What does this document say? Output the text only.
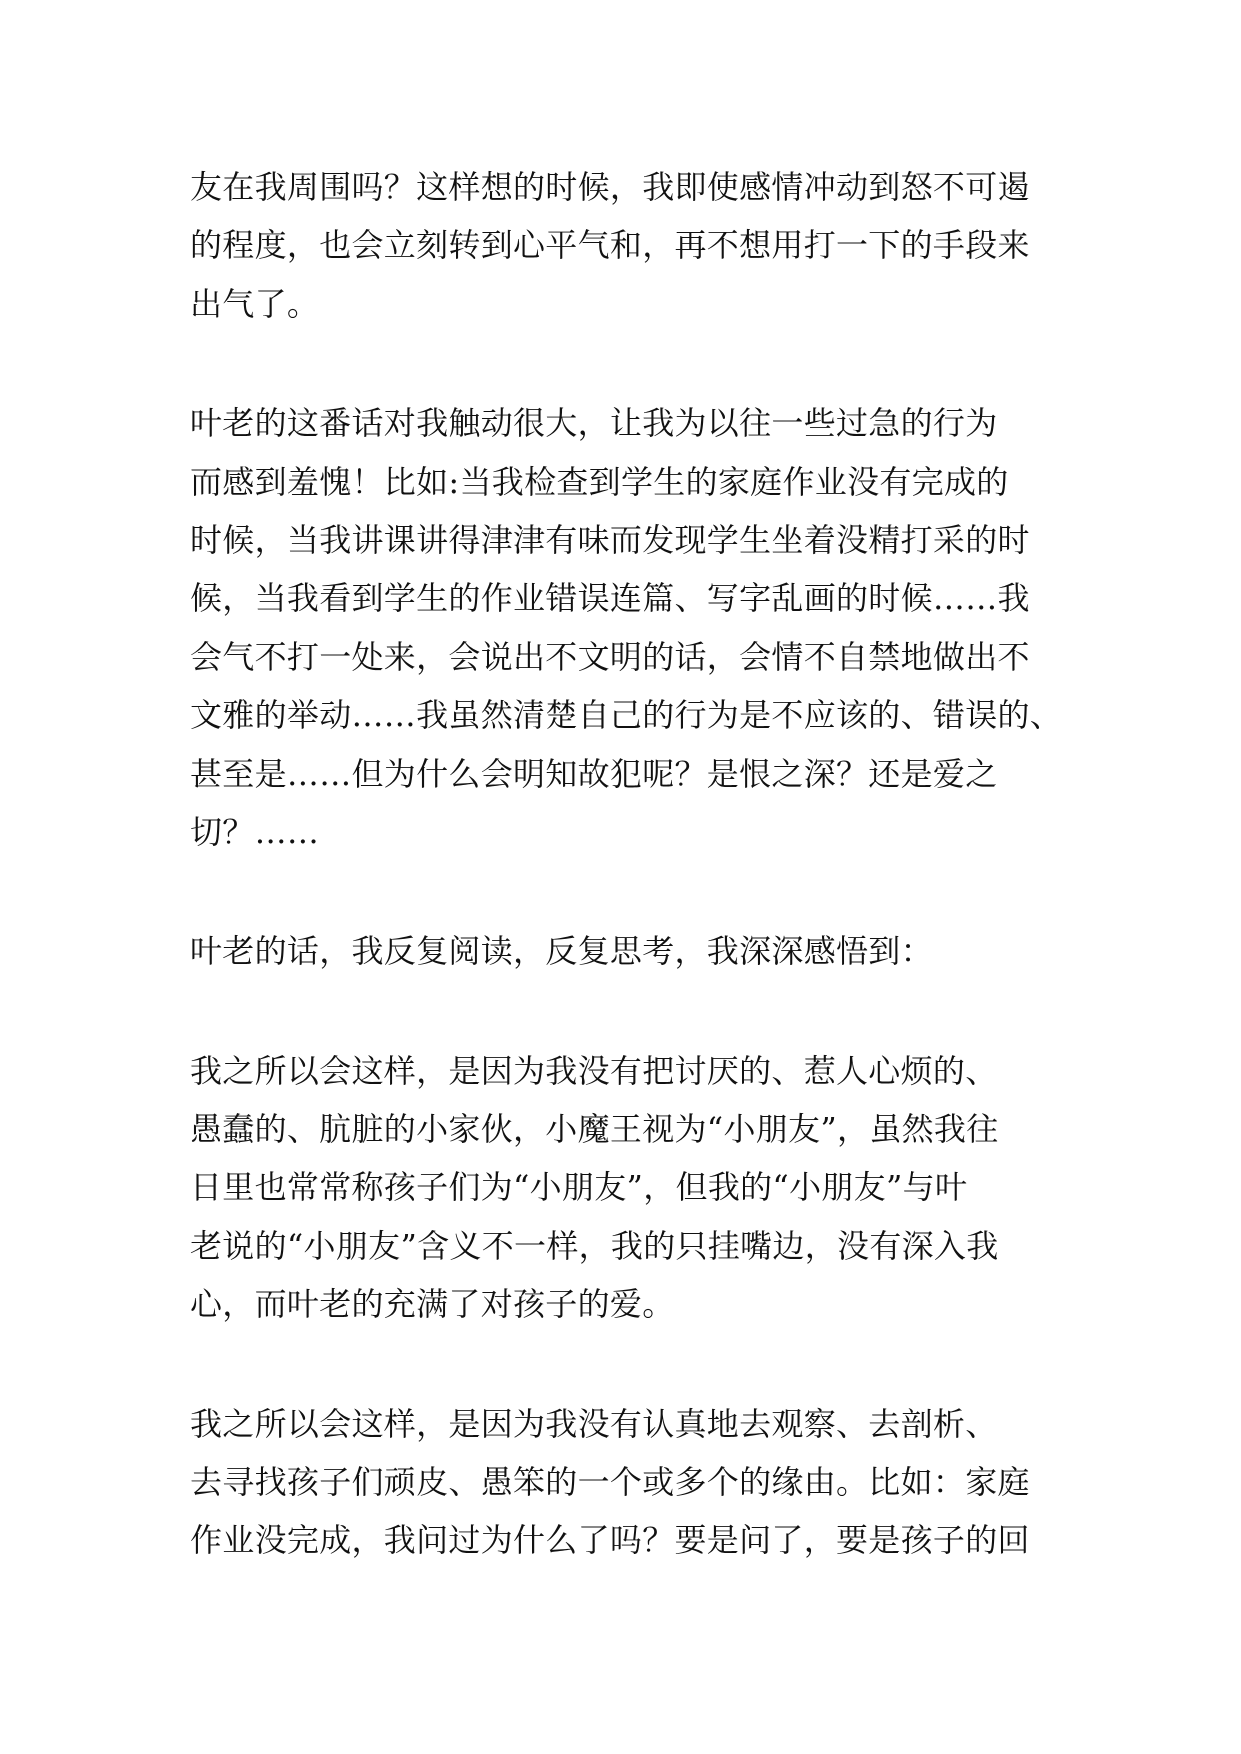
友在我周围吗？这样想的时候，我即使感情冲动到怒不可遏
的程度，也会立刻转到心平气和，再不想用打一下的手段来
出气了。
叶老的这番话对我触动很大，让我为以往一些过急的行为
而感到羞愧！比如:当我检查到学生的家庭作业没有完成的
时候，当我讲课讲得津津有味而发现学生坐着没精打采的时
候，当我看到学生的作业错误连篇、写字乱画的时候……我
会气不打一处来，会说出不文明的话，会情不自禁地做出不
文雅的举动……我虽然清楚自己的行为是不应该的、错误的、
甚至是……但为什么会明知故犯呢？是恨之深？还是爱之
切？……
叶老的话，我反复阅读，反复思考，我深深感悟到：
我之所以会这样，是因为我没有把讨厌的、惹人心烦的、
愚蠢的、肮脏的小家伙，小魔王视为“小朋友”，虽然我往
日里也常常称孩子们为“小朋友”，但我的“小朋友”与叶
老说的“小朋友”含义不一样，我的只挂嘴边，没有深入我
心，而叶老的充满了对孩子的爱。
我之所以会这样，是因为我没有认真地去观察、去剖析、
去寻找孩子们顽皮、愚笨的一个或多个的缘由。比如：家庭
作业没完成，我问过为什么了吗？要是问了，要是孩子的回
